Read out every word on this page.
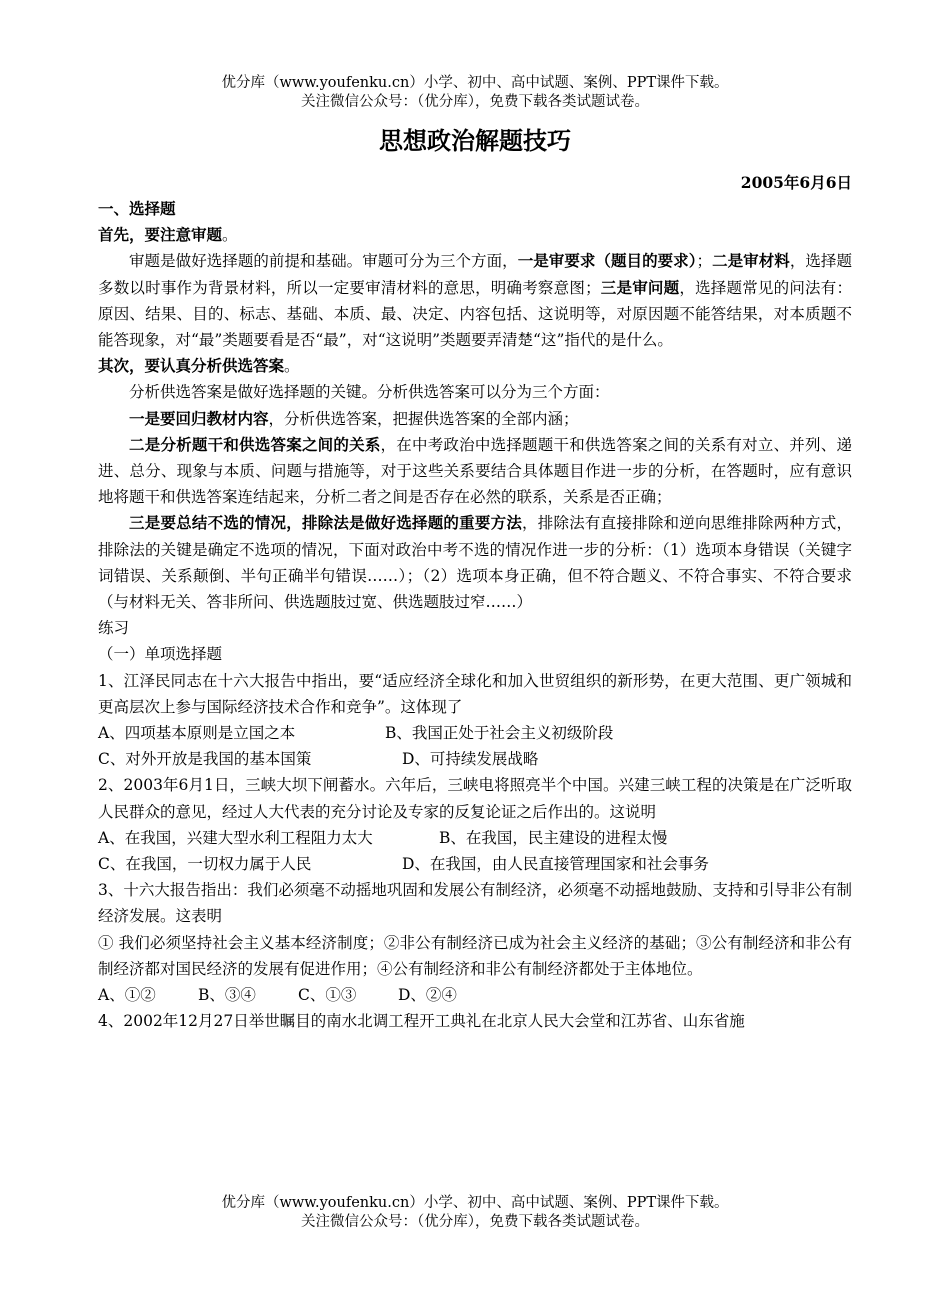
优分库（www.youfenku.cn）小学、初中、高中试题、案例、PPT课件下载。
关注微信公众号：（优分库），免费下载各类试题试卷。
思想政治解题技巧
2005年6月6日

一、选择题

首先，要注意审题。

审题是做好选择题的前提和基础。审题可分为三个方面，一是审要求（题目的要求）；二是审材料，选择题多数以时事作为背景材料，所以一定要审清材料的意思，明确考察意图；三是审问题，选择题常见的问法有：原因、结果、目的、标志、基础、本质、最、决定、内容包括、这说明等，对原因题不能答结果，对本质题不能答现象，对“最”类题要看是否“最”，对“这说明”类题要弄清楚“这”指代的是什么。

其次，要认真分析供选答案。

分析供选答案是做好选择题的关键。分析供选答案可以分为三个方面：

一是要回归教材内容，分析供选答案，把握供选答案的全部内涵；

二是分析题干和供选答案之间的关系，在中考政治中选择题题干和供选答案之间的关系有对立、并列、递进、总分、现象与本质、问题与措施等，对于这些关系要结合具体题目作进一步的分析，在答题时，应有意识地将题干和供选答案连结起来，分析二者之间是否存在必然的联系，关系是否正确；

三是要总结不选的情况，排除法是做好选择题的重要方法，排除法有直接排除和逆向思维排除两种方式，排除法的关键是确定不选项的情况，下面对政治中考不选的情况作进一步的分析：（1）选项本身错误（关键字词错误、关系颠倒、半句正确半句错误……）；（2）选项本身正确，但不符合题义、不符合事实、不符合要求（与材料无关、答非所问、供选题肢过宽、供选题肢过窄……）

练习

（一）单项选择题

1、江泽民同志在十六大报告中指出，要“适应经济全球化和加入世贸组织的新形势，在更大范围、更广领城和更高层次上参与国际经济技术合作和竞争”。这体现了

A、四项基本原则是立国之本	B、我国正处于社会主义初级阶段

C、对外开放是我国的基本国策	D、可持续发展战略

2、2003年6月1日，三峡大坝下闸蓄水。六年后，三峡电将照亮半个中国。兴建三峡工程的决策是在广泛听取人民群众的意见，经过人大代表的充分讨论及专家的反复论证之后作出的。这说明

A、在我国，兴建大型水利工程阻力太大	B、在我国，民主建设的进程太慢

C、在我国，一切权力属于人民	D、在我国，由人民直接管理国家和社会事务

3、十六大报告指出：我们必须毫不动摇地巩固和发展公有制经济，必须毫不动摇地鼓励、支持和引导非公有制经济发展。这表明

① 我们必须坚持社会主义基本经济制度；②非公有制经济已成为社会主义经济的基础；③公有制经济和非公有制经济都对国民经济的发展有促进作用；④公有制经济和非公有制经济都处于主体地位。

A、①②	B、③④	C、①③	D、②④

4、2002年12月27日举世瞩目的南水北调工程开工典礼在北京人民大会堂和江苏省、山东省施

优分库（www.youfenku.cn）小学、初中、高中试题、案例、PPT课件下载。
关注微信公众号：（优分库），免费下载各类试题试卷。
